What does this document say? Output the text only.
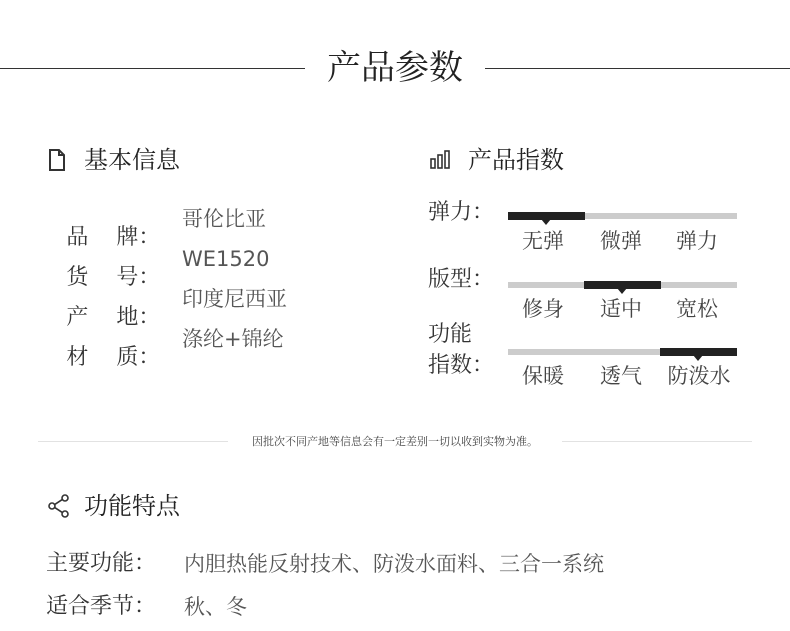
产品参数
基本信息

品    牌：

哥伦比亚

货    号：

WE1520

产    地：

印度尼西亚

材    质：

涤纶+锦纶

产品指数
弹力：
无弹	微弹	弹力
版型：
修身	适中	宽松
功能
指数：	保暖	透气	防泼水
因批次不同产地等信息会有一定差别一切以收到实物为准。
功能特点
主要功能： 内胆热能反射技术、防泼水面料、三合一系统
适合季节： 秋、冬
